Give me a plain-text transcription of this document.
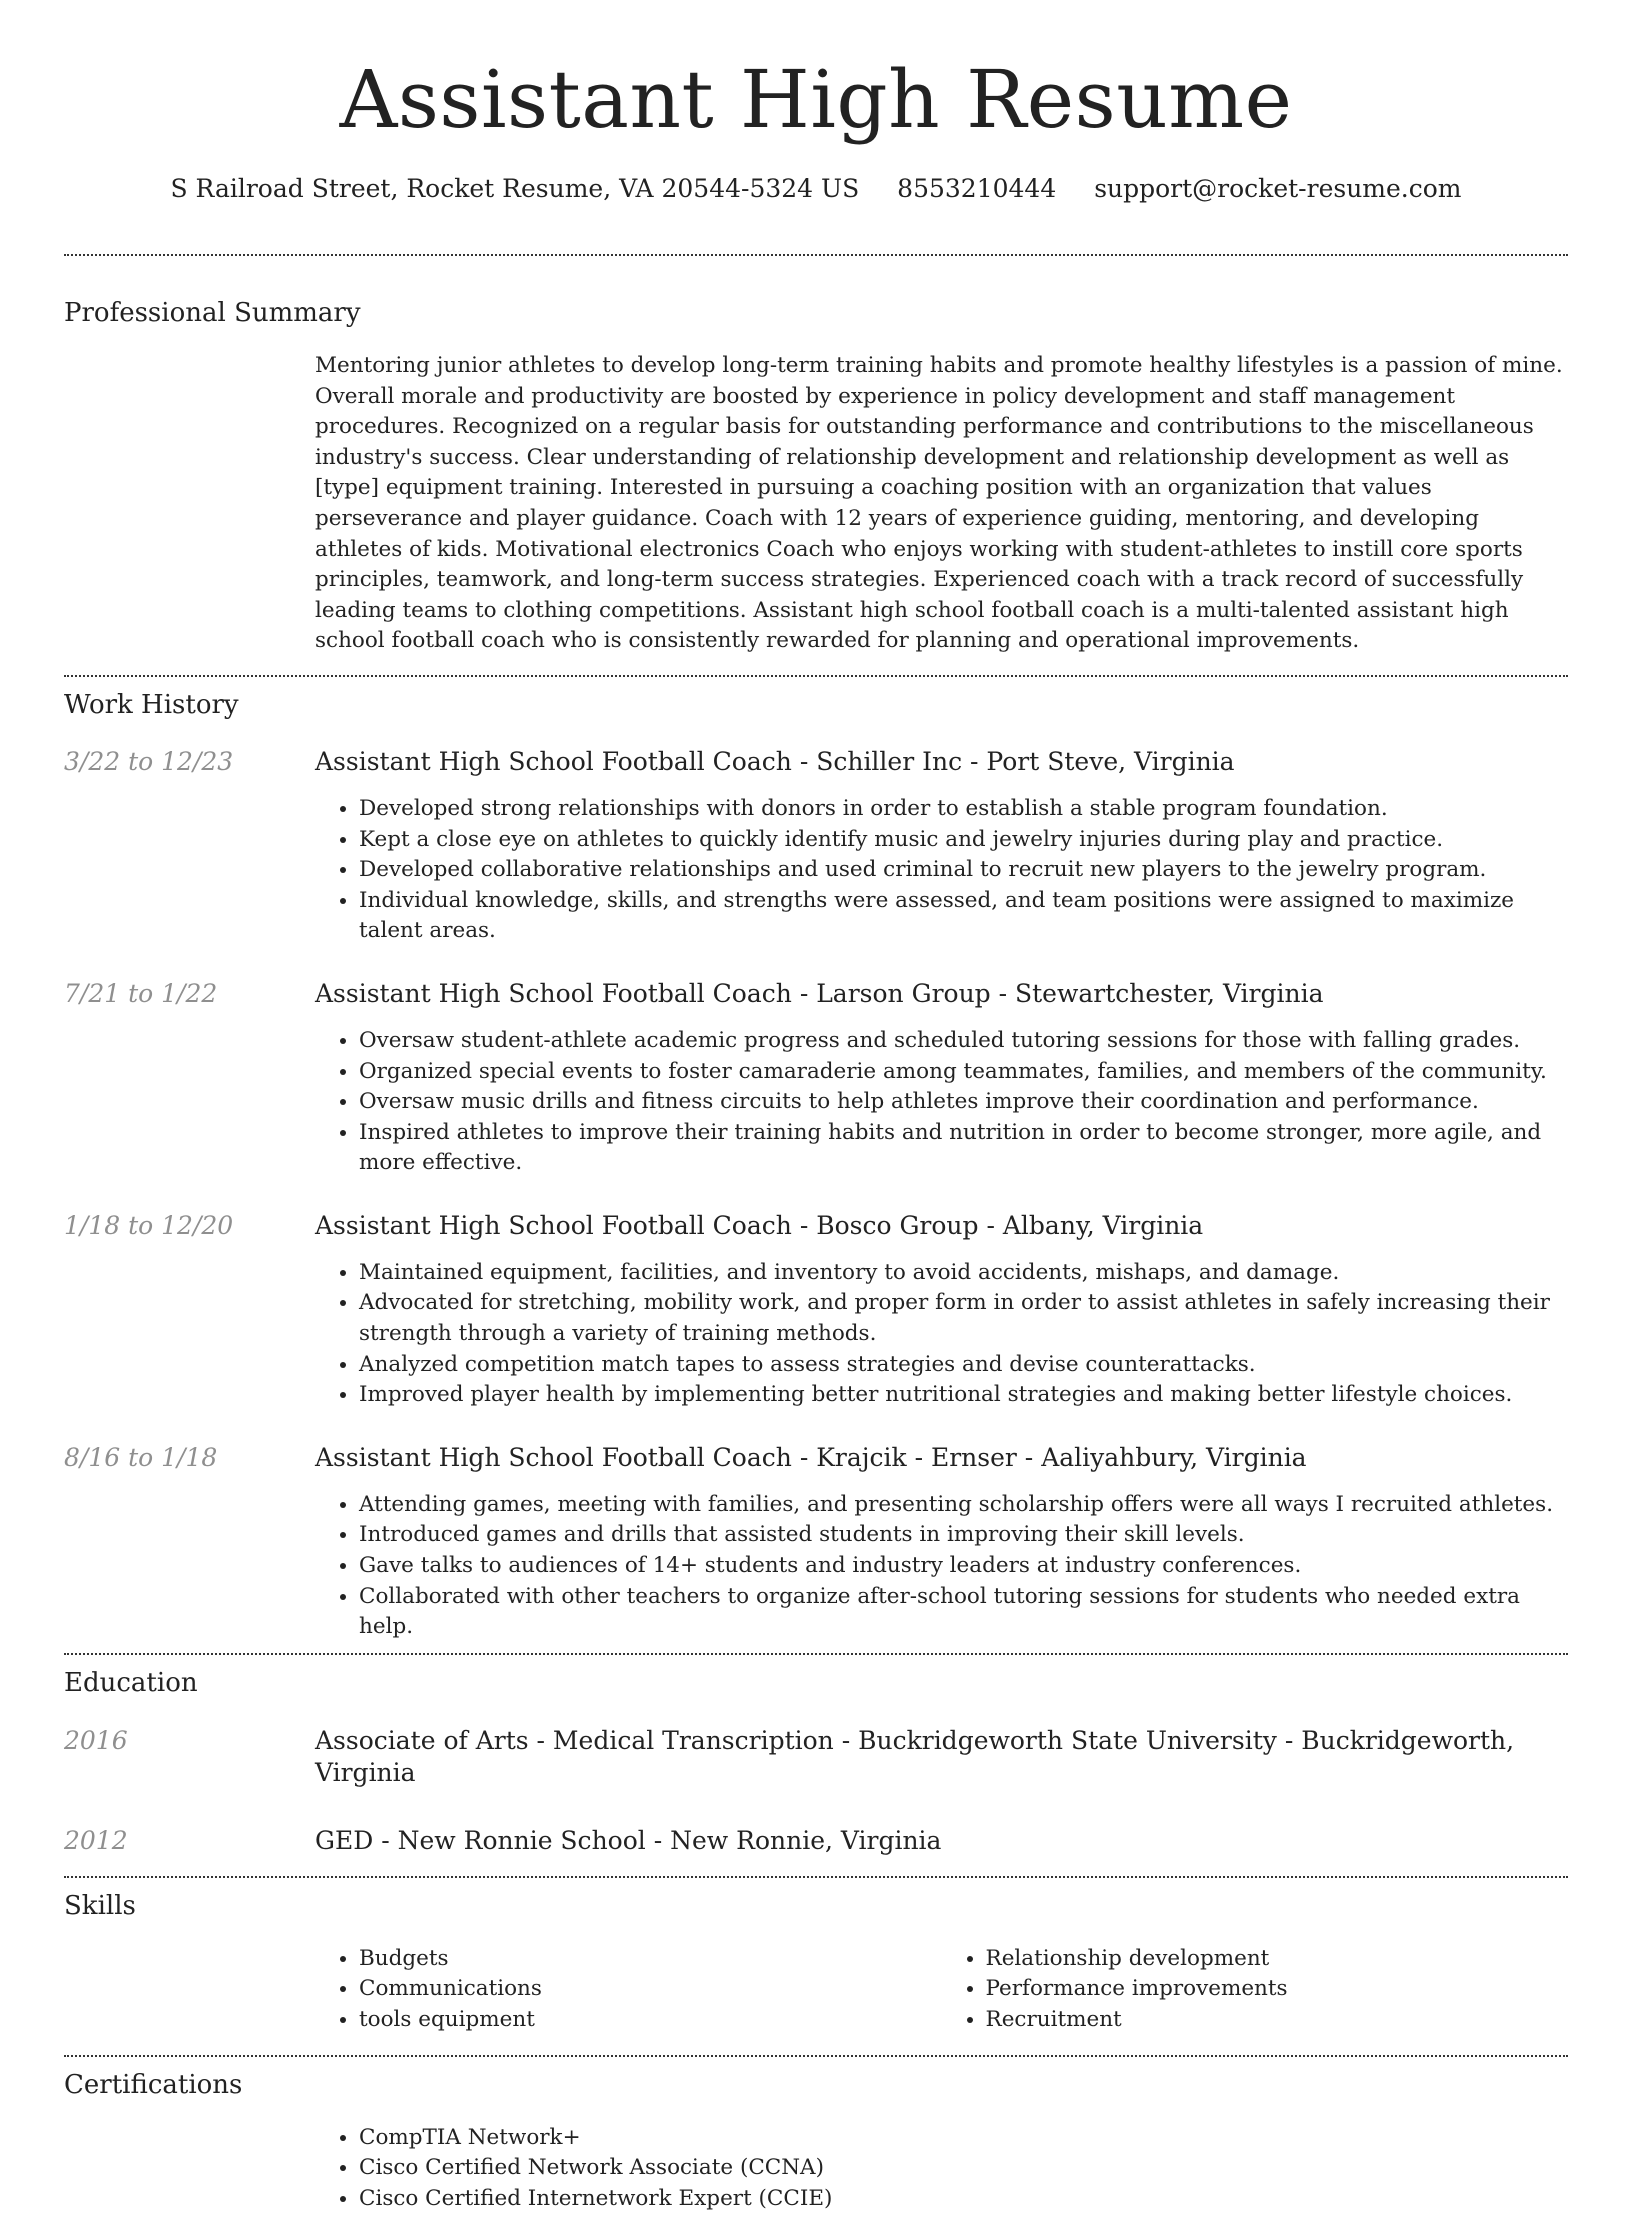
Assistant High Resume
S Railroad Street, Rocket Resume, VA 20544-5324 US 8553210444 support@rocket-resume.com
Professional Summary

Mentoring junior athletes to develop long-term training habits and promote healthy lifestyles is a passion of mine. Overall morale and productivity are boosted by experience in policy development and staff management procedures. Recognized on a regular basis for outstanding performance and contributions to the miscellaneous industry's success. Clear understanding of relationship development and relationship development as well as [type] equipment training. Interested in pursuing a coaching position with an organization that values perseverance and player guidance. Coach with 12 years of experience guiding, mentoring, and developing athletes of kids. Motivational electronics Coach who enjoys working with student-athletes to instill core sports principles, teamwork, and long-term success strategies. Experienced coach with a track record of successfully leading teams to clothing competitions. Assistant high school football coach is a multi-talented assistant high school football coach who is consistently rewarded for planning and operational improvements.

Work History
3/22 to 12/23	Assistant High School Football Coach - Schiller Inc - Port Steve, Virginia
• Developed strong relationships with donors in order to establish a stable program foundation.
• Kept a close eye on athletes to quickly identify music and jewelry injuries during play and practice.
• Developed collaborative relationships and used criminal to recruit new players to the jewelry program.
• Individual knowledge, skills, and strengths were assessed, and team positions were assigned to maximize talent areas.
7/21 to 1/22	Assistant High School Football Coach - Larson Group - Stewartchester, Virginia
• Oversaw student-athlete academic progress and scheduled tutoring sessions for those with falling grades.
• Organized special events to foster camaraderie among teammates, families, and members of the community.
• Oversaw music drills and fitness circuits to help athletes improve their coordination and performance.
• Inspired athletes to improve their training habits and nutrition in order to become stronger, more agile, and more effective.
1/18 to 12/20	Assistant High School Football Coach - Bosco Group - Albany, Virginia
• Maintained equipment, facilities, and inventory to avoid accidents, mishaps, and damage.
• Advocated for stretching, mobility work, and proper form in order to assist athletes in safely increasing their strength through a variety of training methods.
• Analyzed competition match tapes to assess strategies and devise counterattacks.
• Improved player health by implementing better nutritional strategies and making better lifestyle choices.
8/16 to 1/18	Assistant High School Football Coach - Krajcik - Ernser - Aaliyahbury, Virginia
• Attending games, meeting with families, and presenting scholarship offers were all ways I recruited athletes.
• Introduced games and drills that assisted students in improving their skill levels.
• Gave talks to audiences of 14+ students and industry leaders at industry conferences.
• Collaborated with other teachers to organize after-school tutoring sessions for students who needed extra help.
Education
2016	Associate of Arts - Medical Transcription - Buckridgeworth State University - Buckridgeworth, Virginia
2012	GED - New Ronnie School - New Ronnie, Virginia
Skills
• Budgets
• Communications
• tools equipment
• Relationship development
• Performance improvements
• Recruitment
Certifications
• CompTIA Network+
• Cisco Certified Network Associate (CCNA)
• Cisco Certified Internetwork Expert (CCIE)
